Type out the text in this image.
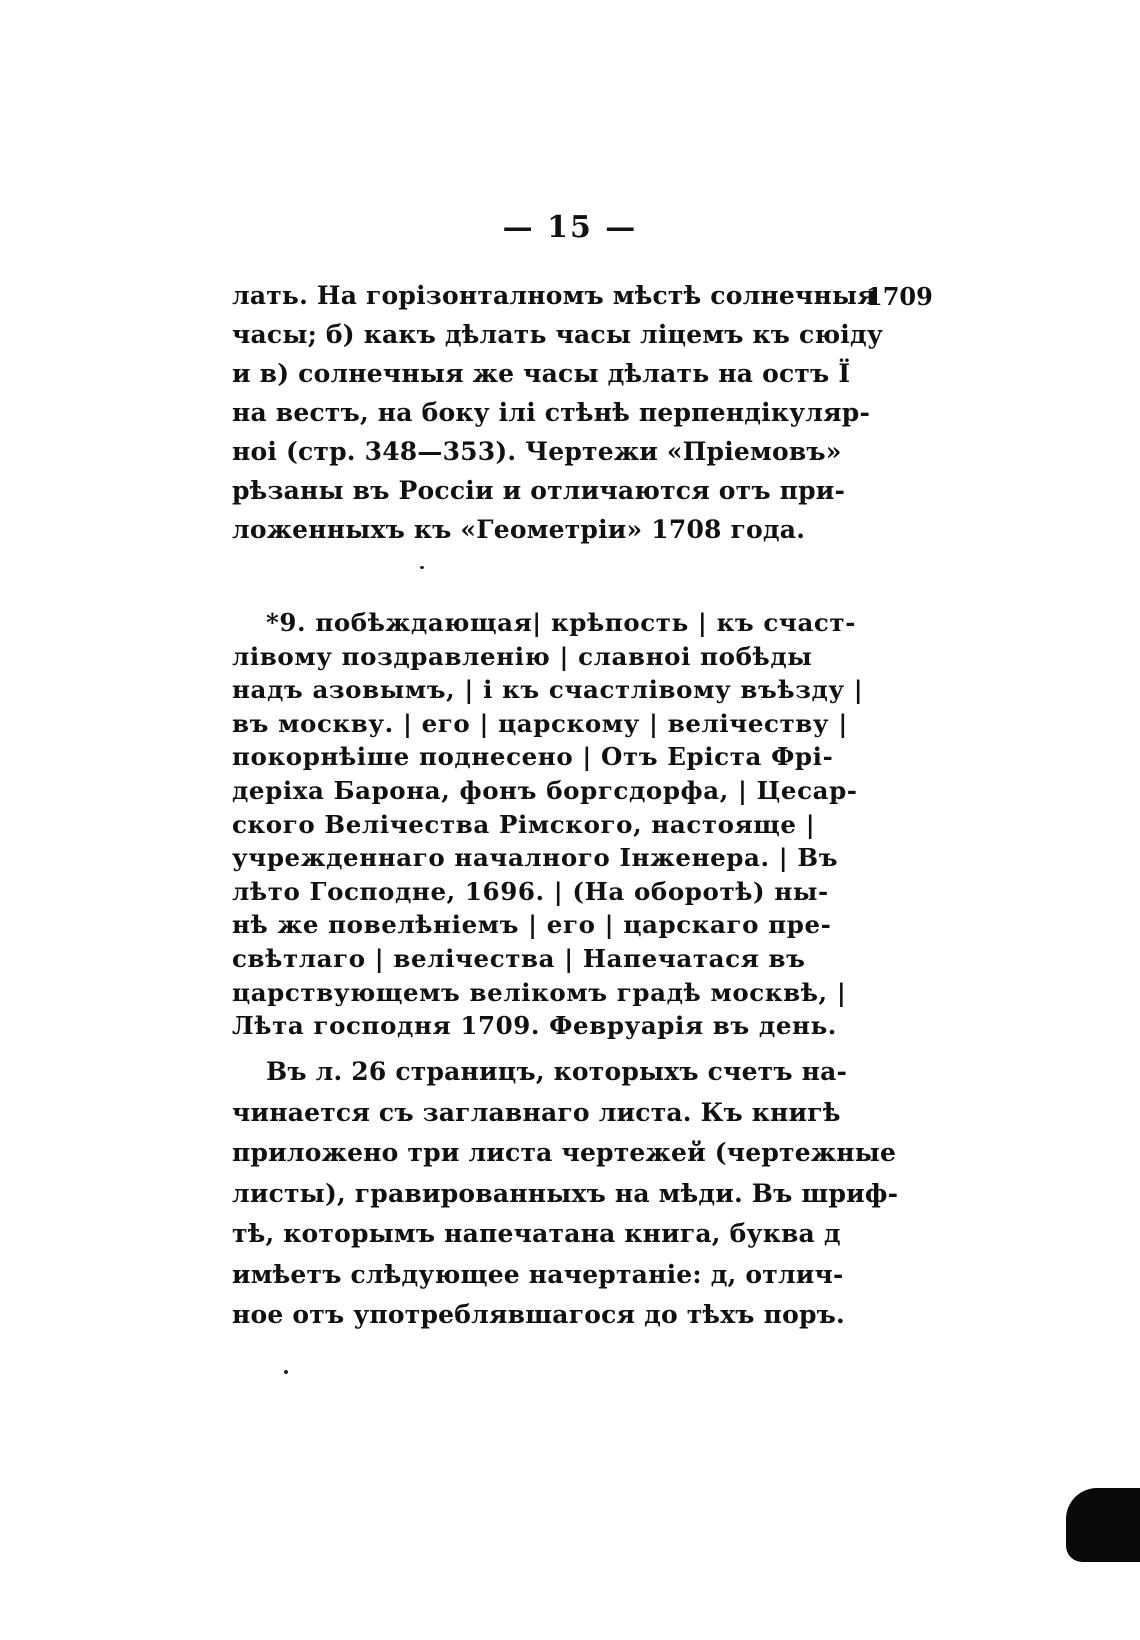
— 15 —
1709
лать. На горізонталномъ мѣстѣ солнечныя
часы; б) какъ дѣлать часы ліцемъ къ сюіду
и в) солнечныя же часы дѣлать на остъ Ї
на вестъ, на боку ілі стѣнѣ перпендікуляр-
ноі (стр. 348—353). Чертежи «Пріемовъ»
рѣзаны въ Россіи и отличаются отъ при-
ложенныхъ къ «Геометріи» 1708 года.
*9. побѣждающая| крѣпость | къ счаст-
лівому поздравленію | славноі побѣды
надъ азовымъ, | і къ счастлівому въѣзду |
въ москву. | его | царскому | велічеству |
покорнѣіше поднесено | Отъ Еріста Фрі-
деріха Барона, фонъ боргсдорфа, | Цесар-
ского Велічества Рімского, настояще |
учрежденнаго началного Інженера. | Въ
лѣто Господне, 1696. | (На оборотѣ) ны-
нѣ же повелѣніемъ | его | царскаго пре-
свѣтлаго | велічества | Напечатася въ
царствующемъ велікомъ градѣ москвѣ, |
Лѣта господня 1709. Февруарія въ день.
Въ л. 26 страницъ, которыхъ счетъ на-
чинается съ заглавнаго листа. Къ книгѣ
приложено три листа чертежей (чертежные
листы), гравированныхъ на мѣди. Въ шриф-
тѣ, которымъ напечатана книга, буква д
имѣетъ слѣдующее начертаніе: д, отлич-
ное отъ употреблявшагося до тѣхъ поръ.
